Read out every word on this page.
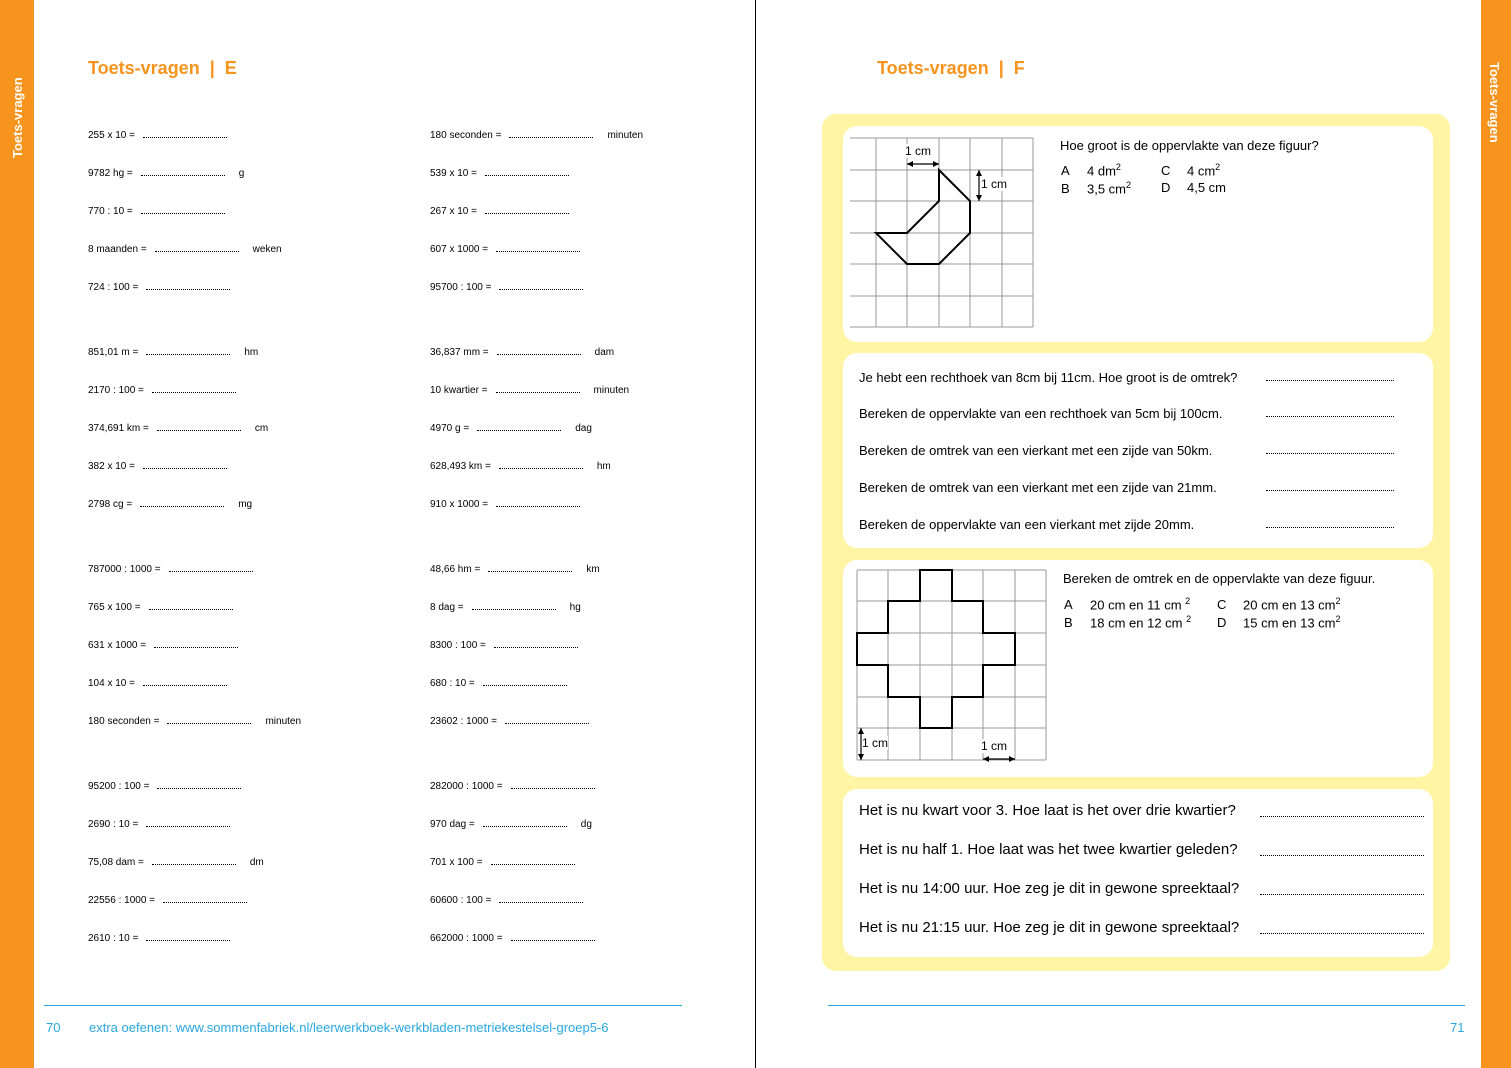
Toets-vragen	Toets-vragen
Toets-vragen  |  E
255 x 10 =
9782 hg =	g
770 : 10 =
8 maanden =	weken
724 : 100 =
851,01 m =	hm
2170 : 100 =
374,691 km =	cm
382 x 10 =
2798 cg =	mg
787000 : 1000 =
765 x 100 =
631 x 1000 =
104 x 10 =
180 seconden =	minuten
95200 : 100 =
2690 : 10 =
75,08 dam =	dm
22556 : 1000 =
2610 : 10 =
180 seconden =	minuten
539 x 10 =
267 x 10 =
607 x 1000 =
95700 : 100 =
36,837 mm =	dam
10 kwartier =	minuten
4970 g =	dag
628,493 km =	hm
910 x 1000 =
48,66 hm =	km
8 dag =	hg
8300 : 100 =
680 : 10 =
23602 : 1000 =
282000 : 1000 =
970 dag =	dg
701 x 100 =
60600 : 100 =
662000 : 1000 =
70 extra oefenen: www.sommenfabriek.nl/leerwerkboek-werkbladen-metriekestelsel-groep5-6
Toets-vragen  |  F
1 cm
1 cm
Hoe groot is de oppervlakte van deze figuur?
A 4 $dm^2$	C 4 $cm^2$
B 3,5 $cm^2$ D 4,5 cm
Je hebt een rechthoek van 8cm bij 11cm. Hoe groot is de omtrek?
Bereken de oppervlakte van een rechthoek van 5cm bij 100cm.
Bereken de omtrek van een vierkant met een zijde van 50km.
Bereken de omtrek van een vierkant met een zijde van 21mm.
Bereken de oppervlakte van een vierkant met zijde 20mm.
1 cm	1 cm
Bereken de omtrek en de oppervlakte van deze figuur.
A 20 cm en 11 cm $^2$ C 20 cm en 13 $cm^2$
B 18 cm en 12 cm $^2$ D 15 cm en 13 $cm^2$
Het is nu kwart voor 3. Hoe laat is het over drie kwartier?
Het is nu half 1. Hoe laat was het twee kwartier geleden?
Het is nu 14:00 uur. Hoe zeg je dit in gewone spreektaal?
Het is nu 21:15 uur. Hoe zeg je dit in gewone spreektaal?
71
